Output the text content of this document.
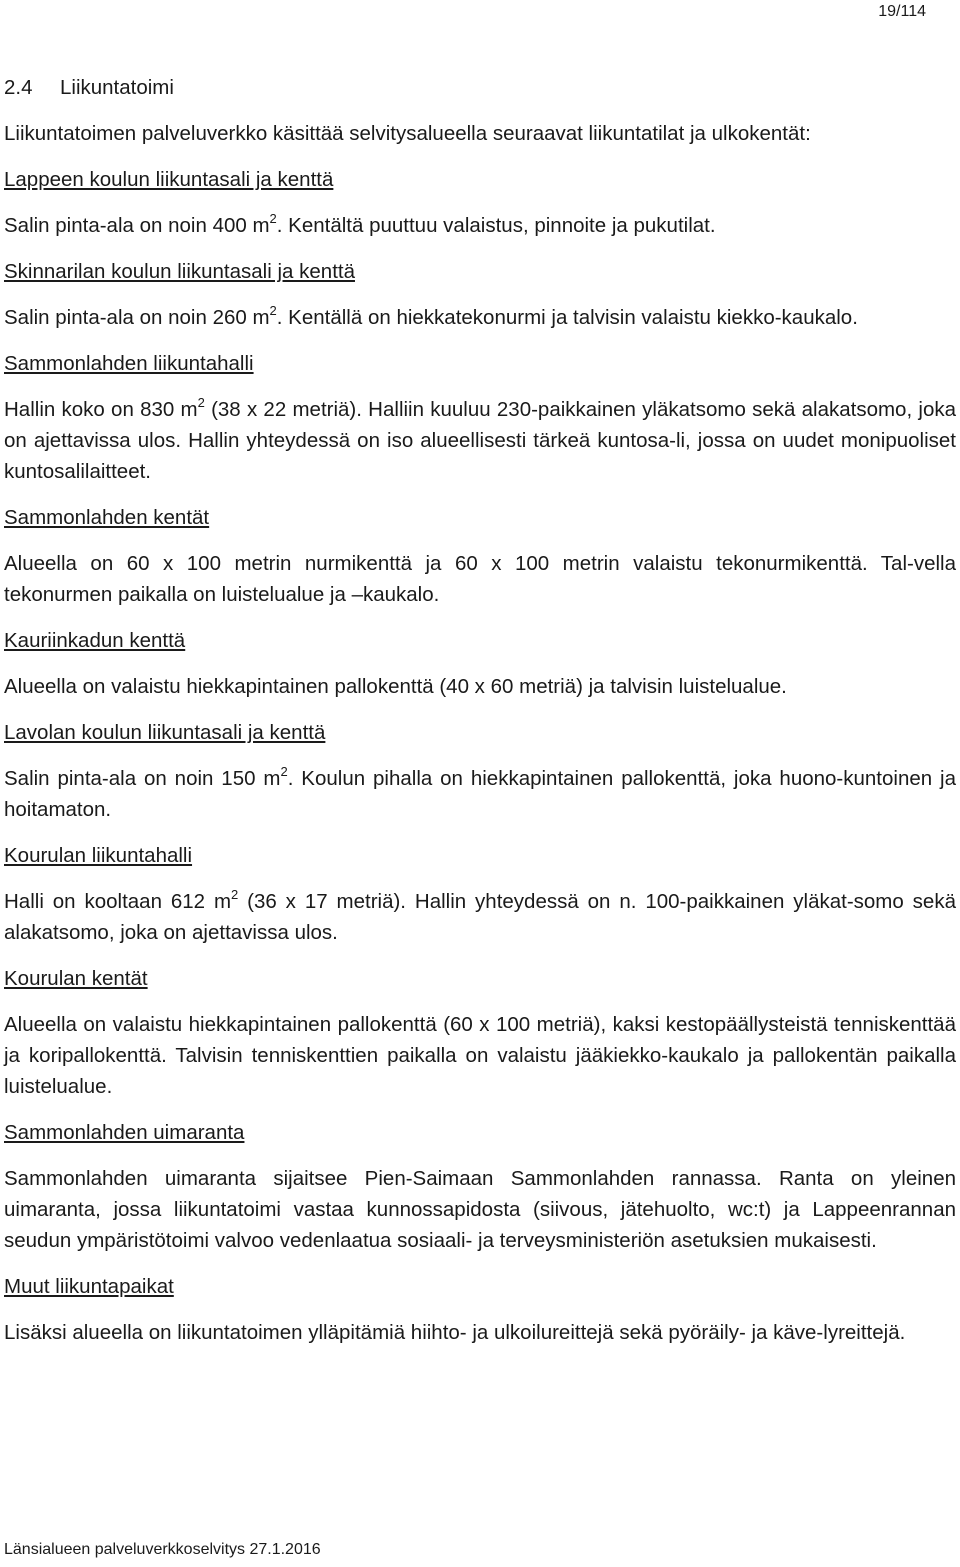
19/114
2.4 Liikuntatoimi

Liikuntatoimen palveluverkko käsittää selvitysalueella seuraavat liikuntatilat ja ulkokentät:

Lappeen koulun liikuntasali ja kenttä

Salin pinta-ala on noin 400 $m^2$. Kentältä puuttuu valaistus, pinnoite ja pukutilat.

Skinnarilan koulun liikuntasali ja kenttä

Salin pinta-ala on noin 260 $m^2$. Kentällä on hiekkatekonurmi ja talvisin valaistu kiekko-kaukalo.

Sammonlahden liikuntahalli

Hallin koko on 830 $m^2$ (38 x 22 metriä). Halliin kuuluu 230-paikkainen yläkatsomo sekä alakatsomo, joka on ajettavissa ulos. Hallin yhteydessä on iso alueellisesti tärkeä kuntosa-li, jossa on uudet monipuoliset kuntosalilaitteet.

Sammonlahden kentät

Alueella on 60 x 100 metrin nurmikenttä ja 60 x 100 metrin valaistu tekonurmikenttä. Tal-vella tekonurmen paikalla on luistelualue ja –kaukalo.

Kauriinkadun kenttä

Alueella on valaistu hiekkapintainen pallokenttä (40 x 60 metriä) ja talvisin luistelualue.

Lavolan koulun liikuntasali ja kenttä

Salin pinta-ala on noin 150 $m^2$. Koulun pihalla on hiekkapintainen pallokenttä, joka huono-kuntoinen ja hoitamaton.

Kourulan liikuntahalli

Halli on kooltaan 612 $m^2$ (36 x 17 metriä). Hallin yhteydessä on n. 100-paikkainen yläkat-somo sekä alakatsomo, joka on ajettavissa ulos.

Kourulan kentät

Alueella on valaistu hiekkapintainen pallokenttä (60 x 100 metriä), kaksi kestopäällysteistä tenniskenttää ja koripallokenttä. Talvisin tenniskenttien paikalla on valaistu jääkiekko-kaukalo ja pallokentän paikalla luistelualue.

Sammonlahden uimaranta

Sammonlahden uimaranta sijaitsee Pien-Saimaan Sammonlahden rannassa. Ranta on yleinen uimaranta, jossa liikuntatoimi vastaa kunnossapidosta (siivous, jätehuolto, wc:t) ja Lappeenrannan seudun ympäristötoimi valvoo vedenlaatua sosiaali- ja terveysministeriön asetuksien mukaisesti.

Muut liikuntapaikat

Lisäksi alueella on liikuntatoimen ylläpitämiä hiihto- ja ulkoilureittejä sekä pyöräily- ja käve-lyreittejä.

Länsialueen palveluverkkoselvitys 27.1.2016
